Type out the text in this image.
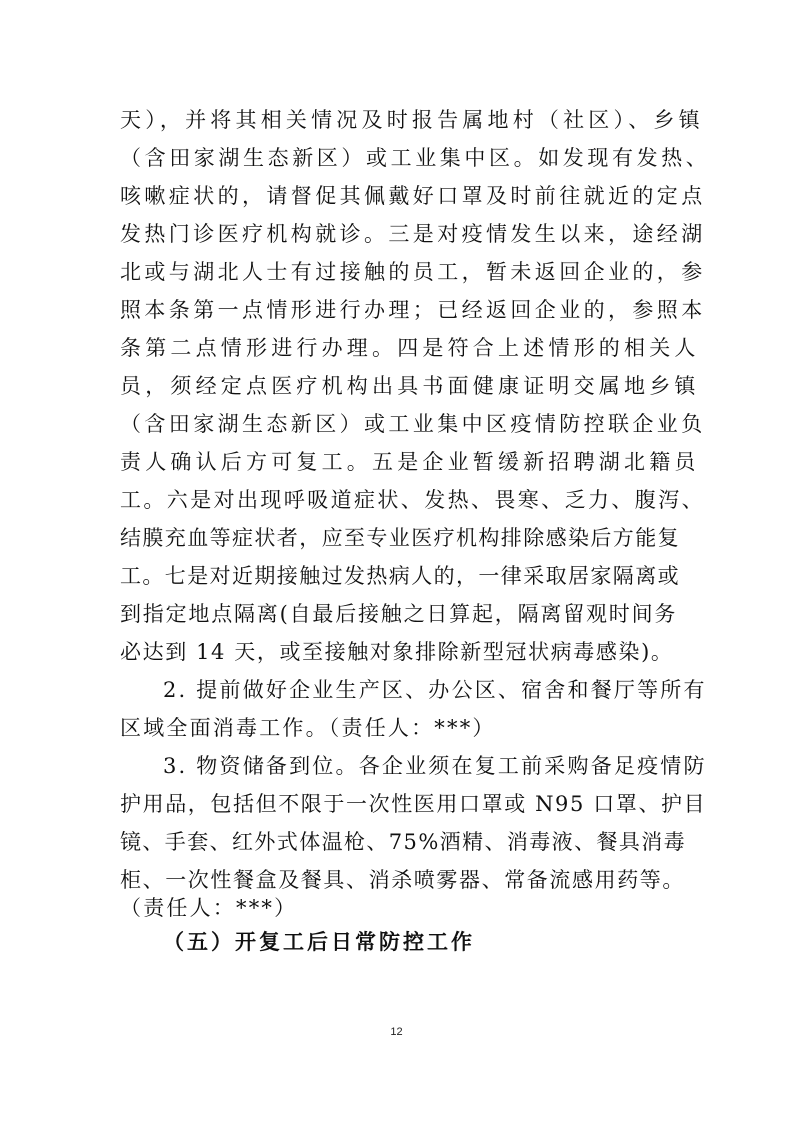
天），并将其相关情况及时报告属地村（社区）、乡镇
（含田家湖生态新区）或工业集中区。如发现有发热、
咳嗽症状的，请督促其佩戴好口罩及时前往就近的定点
发热门诊医疗机构就诊。三是对疫情发生以来，途经湖
北或与湖北人士有过接触的员工，暂未返回企业的，参
照本条第一点情形进行办理；已经返回企业的，参照本
条第二点情形进行办理。四是符合上述情形的相关人
员，须经定点医疗机构出具书面健康证明交属地乡镇
（含田家湖生态新区）或工业集中区疫情防控联企业负
责人确认后方可复工。五是企业暂缓新招聘湖北籍员
工。六是对出现呼吸道症状、发热、畏寒、乏力、腹泻、
结膜充血等症状者，应至专业医疗机构排除感染后方能复
工。七是对近期接触过发热病人的，一律采取居家隔离或
到指定地点隔离(自最后接触之日算起，隔离留观时间务
必达到 14 天，或至接触对象排除新型冠状病毒感染)。
2. 提前做好企业生产区、办公区、宿舍和餐厅等所有
区域全面消毒工作。（责任人：***）
3. 物资储备到位。各企业须在复工前采购备足疫情防
护用品，包括但不限于一次性医用口罩或 N95 口罩、护目
镜、手套、红外式体温枪、75%酒精、消毒液、餐具消毒
柜、一次性餐盒及餐具、消杀喷雾器、常备流感用药等。
（责任人：***）
（五）开复工后日常防控工作
12
